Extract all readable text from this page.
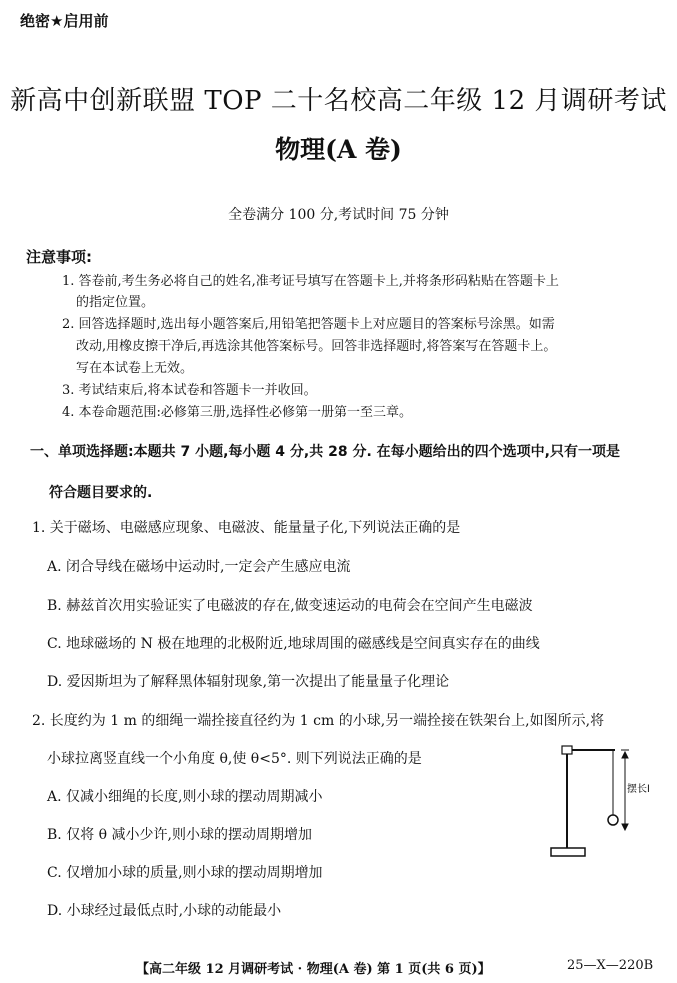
绝密★启用前
新高中创新联盟 TOP 二十名校高二年级 12 月调研考试
物理(A 卷)
全卷满分 100 分,考试时间 75 分钟
注意事项:
1. 答卷前,考生务必将自己的姓名,准考证号填写在答题卡上,并将条形码粘贴在答题卡上
的指定位置。
2. 回答选择题时,选出每小题答案后,用铅笔把答题卡上对应题目的答案标号涂黑。如需
改动,用橡皮擦干净后,再选涂其他答案标号。回答非选择题时,将答案写在答题卡上。
写在本试卷上无效。
3. 考试结束后,将本试卷和答题卡一并收回。
4. 本卷命题范围:必修第三册,选择性必修第一册第一至三章。
一、单项选择题:本题共 7 小题,每小题 4 分,共 28 分. 在每小题给出的四个选项中,只有一项是
符合题目要求的.
1. 关于磁场、电磁感应现象、电磁波、能量量子化,下列说法正确的是
A. 闭合导线在磁场中运动时,一定会产生感应电流
B. 赫兹首次用实验证实了电磁波的存在,做变速运动的电荷会在空间产生电磁波
C. 地球磁场的 N 极在地理的北极附近,地球周围的磁感线是空间真实存在的曲线
D. 爱因斯坦为了解释黑体辐射现象,第一次提出了能量量子化理论
2. 长度约为 1 m 的细绳一端拴接直径约为 1 cm 的小球,另一端拴接在铁架台上,如图所示,将
小球拉离竖直线一个小角度 θ,使 θ<5°. 则下列说法正确的是
A. 仅减小细绳的长度,则小球的摆动周期减小
B. 仅将 θ 减小少许,则小球的摆动周期增加
C. 仅增加小球的质量,则小球的摆动周期增加
D. 小球经过最低点时,小球的动能最小
摆长l
【高二年级 12 月调研考试 · 物理(A 卷) 第 1 页(共 6 页)】	25—X—220B
